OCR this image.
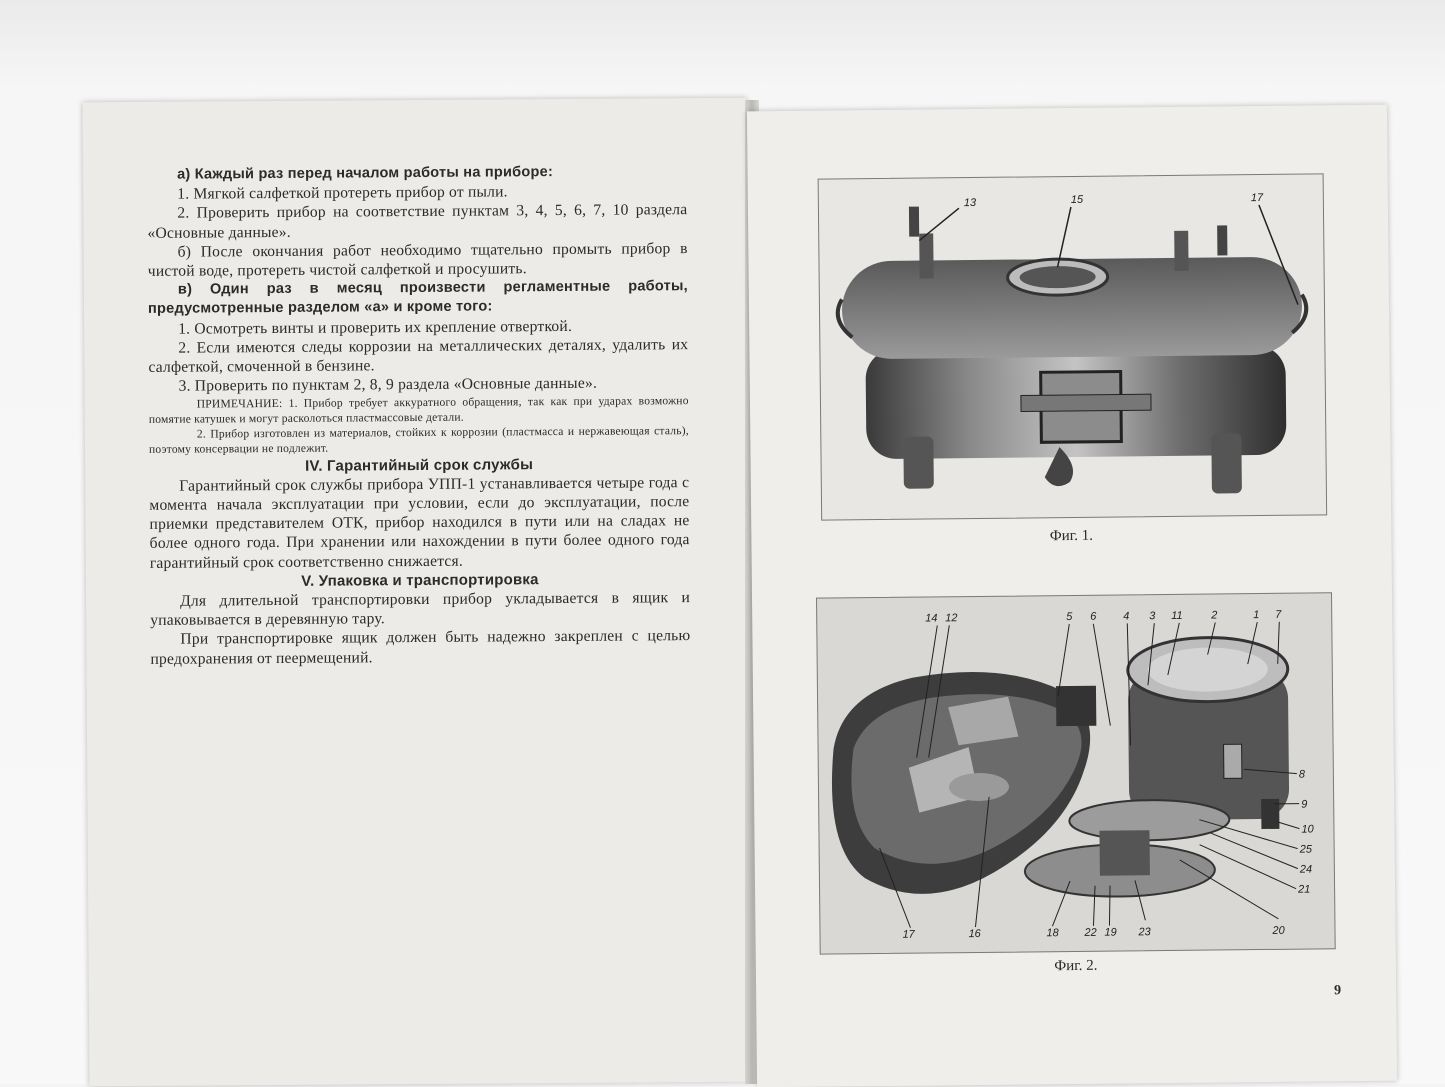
а) Каждый раз перед началом работы на приборе:

1. Мягкой салфеткой протереть прибор от пыли.

2. Проверить прибор на соответствие пунктам 3, 4, 5, 6, 7, 10 раздела «Основные данные».

б) После окончания работ необходимо тщательно промыть прибор в чистой воде, протереть чистой салфеткой и просушить.

в) Один раз в месяц произвести регламентные работы, предусмотренные разделом «а» и кроме того:

1. Осмотреть винты и проверить их крепление отверткой.

2. Если имеются следы коррозии на металлических деталях, удалить их салфеткой, смоченной в бензине.

3. Проверить по пунктам 2, 8, 9 раздела «Основные данные».

ПРИМЕЧАНИЕ: 1. Прибор требует аккуратного обращения, так как при ударах возможно помятие катушек и могут расколоться пластмассовые детали.

2. Прибор изготовлен из материалов, стойких к коррозии (пластмасса и нержавеющая сталь), поэтому консервации не подлежит.

IV. Гарантийный срок службы

Гарантийный срок службы прибора УПП-1 устанавливается четыре года с момента начала эксплуатации при условии, если до эксплуатации, после приемки представителем ОТК, прибор находился в пути или на сладах не более одного года. При хранении или нахождении в пути более одного года гарантийный срок соответственно снижается.

V. Упаковка и транспортировка

Для длительной транспортировки прибор укладывается в ящик и упаковывается в деревянную тару.

При транспортировке ящик должен быть надежно закреплен с целью предохранения от пеермещений.

13	15	17
Фиг. 1.
14 12	5 6 4 3 11	2	1 7
8
9
10
25
24
21
20
23
19
22
18
16
17
Фиг. 2.
9
